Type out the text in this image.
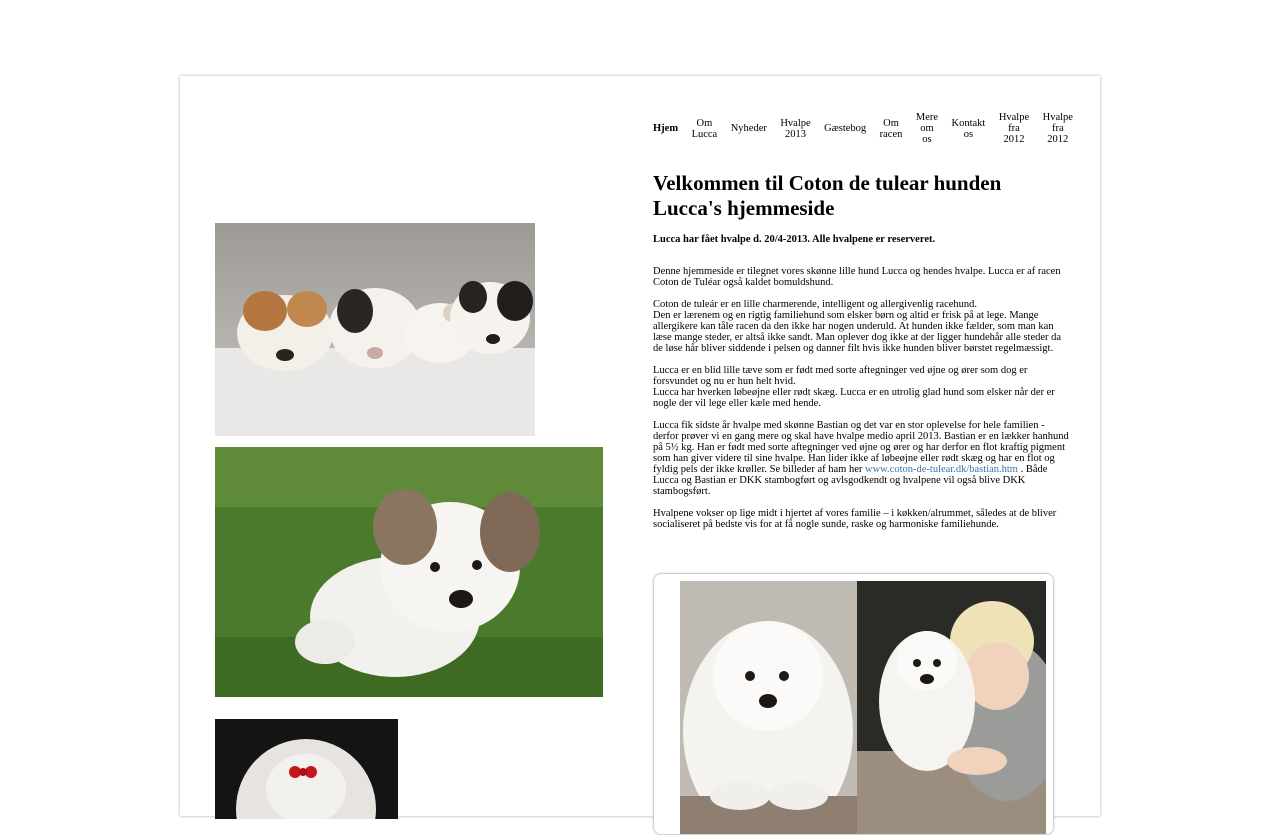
Hjem	Om
Lucca Nyheder Hvalpe
2013	Gæstebog	Om
racen
Mere
om
os
Kontakt
os
Hvalpe
fra
2012
Hvalpe
fra
2012
Velkommen til Coton de tulear hunden Lucca's hjemmeside

Lucca har fået hvalpe d. 20/4-2013. Alle hvalpene er reserveret.

Denne hjemmeside er tilegnet vores skønne lille hund Lucca og hendes hvalpe. Lucca er af racen Coton de Tuléar også kaldet bomuldshund.

Coton de tuleár er en lille charmerende, intelligent og allergivenlig racehund.
Den er lærenem og en rigtig familiehund som elsker børn og altid er frisk på at lege. Mange allergikere kan tåle racen da den ikke har nogen underuld. At hunden ikke fælder, som man kan læse mange steder, er altså ikke sandt. Man oplever dog ikke at der ligger hundehår alle steder da de løse hår bliver siddende i pelsen og danner filt hvis ikke hunden bliver børstet regelmæssigt.

Lucca er en blid lille tæve som er født med sorte aftegninger ved øjne og ører som dog er forsvundet og nu er hun helt hvid.
Lucca har hverken løbeøjne eller rødt skæg. Lucca er en utrolig glad hund som elsker når der er nogle der vil lege eller kæle med hende.

Lucca fik sidste år hvalpe med skønne Bastian og det var en stor oplevelse for hele familien - derfor prøver vi en gang mere og skal have hvalpe medio april 2013. Bastian er en lækker hanhund på 5½ kg. Han er født med sorte aftegninger ved øjne og ører og har derfor en flot kraftig pigment som han giver videre til sine hvalpe. Han lider ikke af løbeøjne eller rødt skæg og har en flot og fyldig pels der ikke krøller. Se billeder af ham her www.coton-de-tulear.dk/bastian.htm . Både Lucca og Bastian er DKK stambogført og avlsgodkendt og hvalpene vil også blive DKK stambogsført.

Hvalpene vokser op lige midt i hjertet af vores familie – i køkken/alrummet, således at de bliver socialiseret på bedste vis for at få nogle sunde, raske og harmoniske familiehunde.
